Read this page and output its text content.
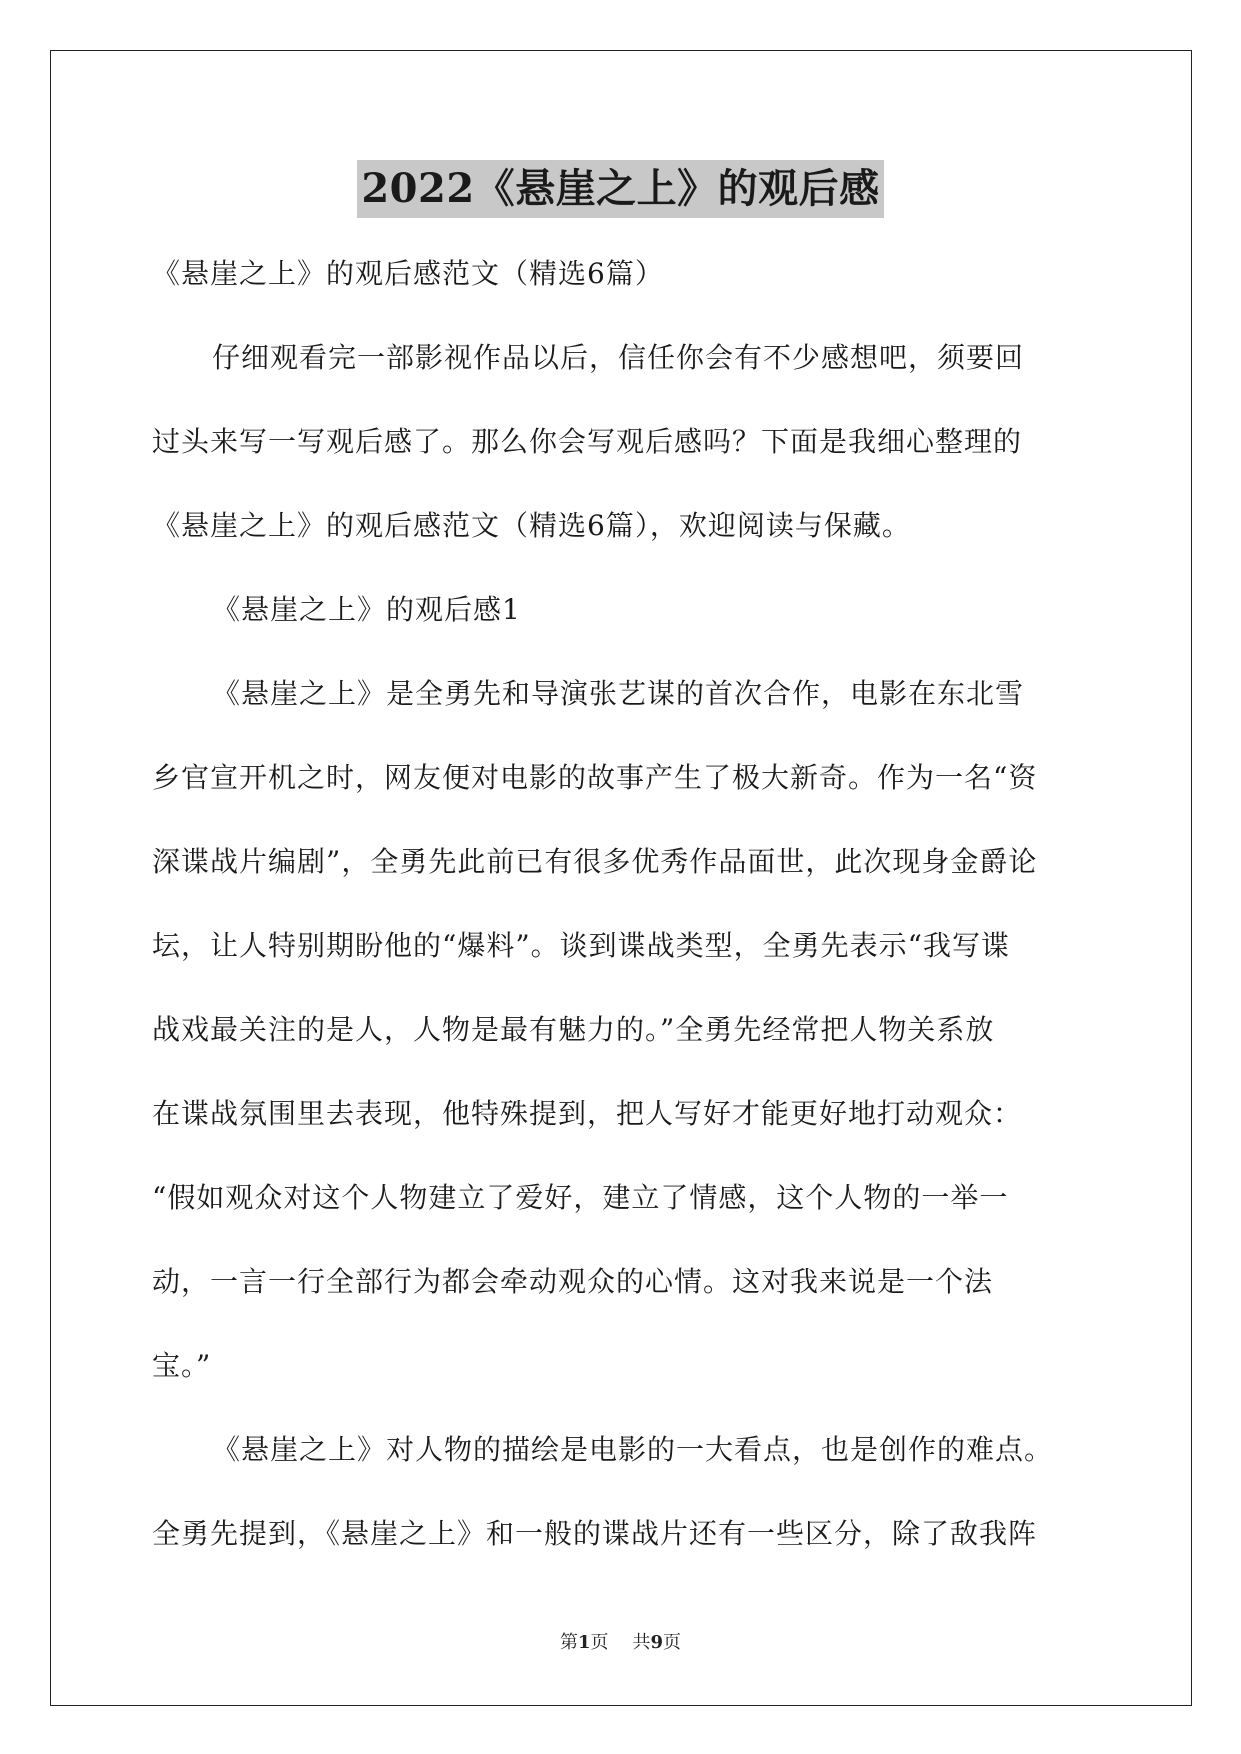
2022《悬崖之上》的观后感
《悬崖之上》的观后感范文（精选6篇）
仔细观看完一部影视作品以后，信任你会有不少感想吧，须要回
过头来写一写观后感了。那么你会写观后感吗？下面是我细心整理的
《悬崖之上》的观后感范文（精选6篇），欢迎阅读与保藏。
《悬崖之上》的观后感1
《悬崖之上》是全勇先和导演张艺谋的首次合作，电影在东北雪
乡官宣开机之时，网友便对电影的故事产生了极大新奇。作为一名“资
深谍战片编剧”，全勇先此前已有很多优秀作品面世，此次现身金爵论
坛，让人特别期盼他的“爆料”。谈到谍战类型，全勇先表示“我写谍
战戏最关注的是人，人物是最有魅力的。”全勇先经常把人物关系放
在谍战氛围里去表现，他特殊提到，把人写好才能更好地打动观众：
“假如观众对这个人物建立了爱好，建立了情感，这个人物的一举一
动，一言一行全部行为都会牵动观众的心情。这对我来说是一个法
宝。”
《悬崖之上》对人物的描绘是电影的一大看点，也是创作的难点。
全勇先提到，《悬崖之上》和一般的谍战片还有一些区分，除了敌我阵
第1页 共9页
